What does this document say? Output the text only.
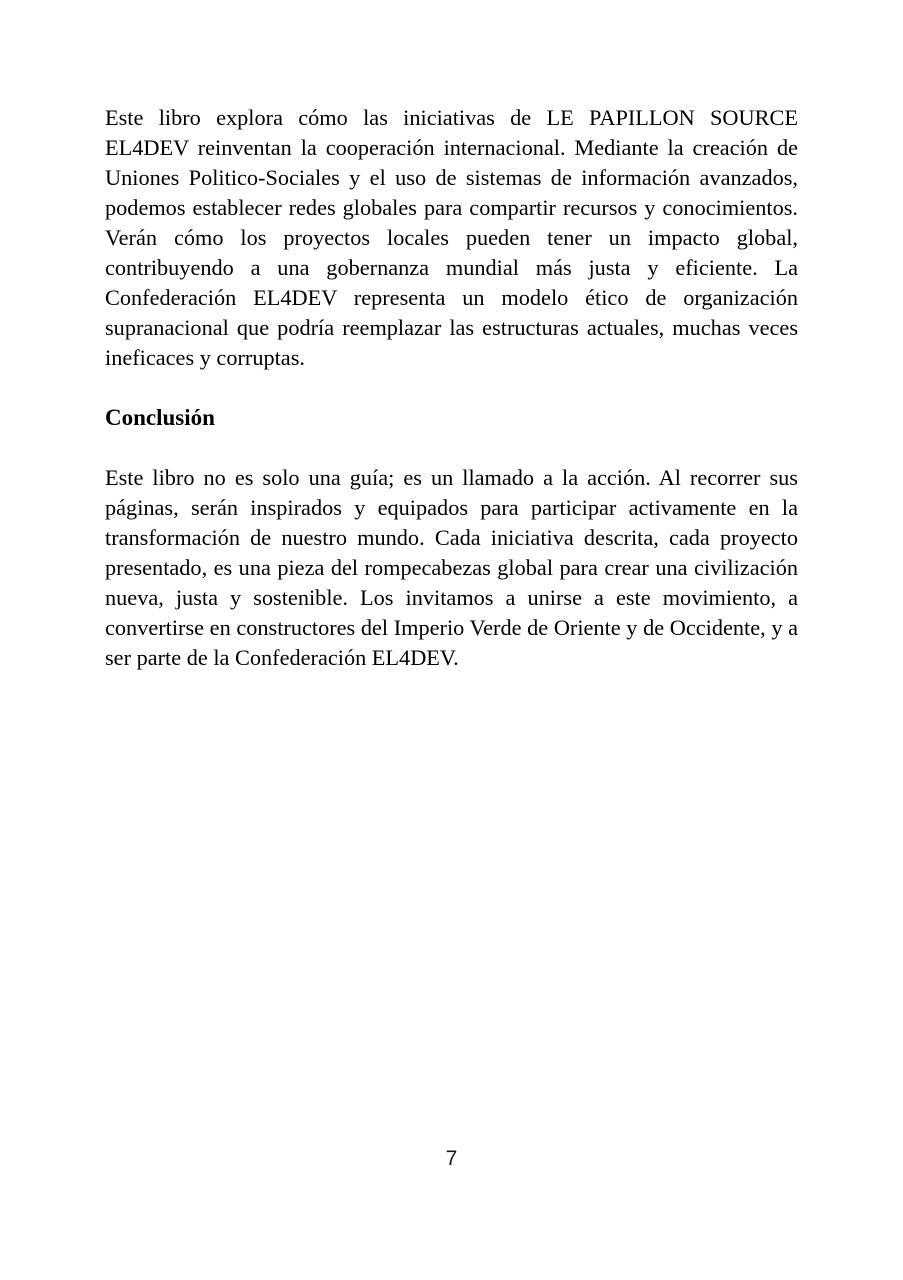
Este libro explora cómo las iniciativas de LE PAPILLON SOURCE EL4DEV reinventan la cooperación internacional. Mediante la creación de Uniones Politico-Sociales y el uso de sistemas de información avanzados, podemos establecer redes globales para compartir recursos y conocimientos. Verán cómo los proyectos locales pueden tener un impacto global, contribuyendo a una gobernanza mundial más justa y eficiente. La Confederación EL4DEV representa un modelo ético de organización supranacional que podría reemplazar las estructuras actuales, muchas veces ineficaces y corruptas.

Conclusión

Este libro no es solo una guía; es un llamado a la acción. Al recorrer sus páginas, serán inspirados y equipados para participar activamente en la transformación de nuestro mundo. Cada iniciativa descrita, cada proyecto presentado, es una pieza del rompecabezas global para crear una civilización nueva, justa y sostenible. Los invitamos a unirse a este movimiento, a convertirse en constructores del Imperio Verde de Oriente y de Occidente, y a ser parte de la Confederación EL4DEV.

7
